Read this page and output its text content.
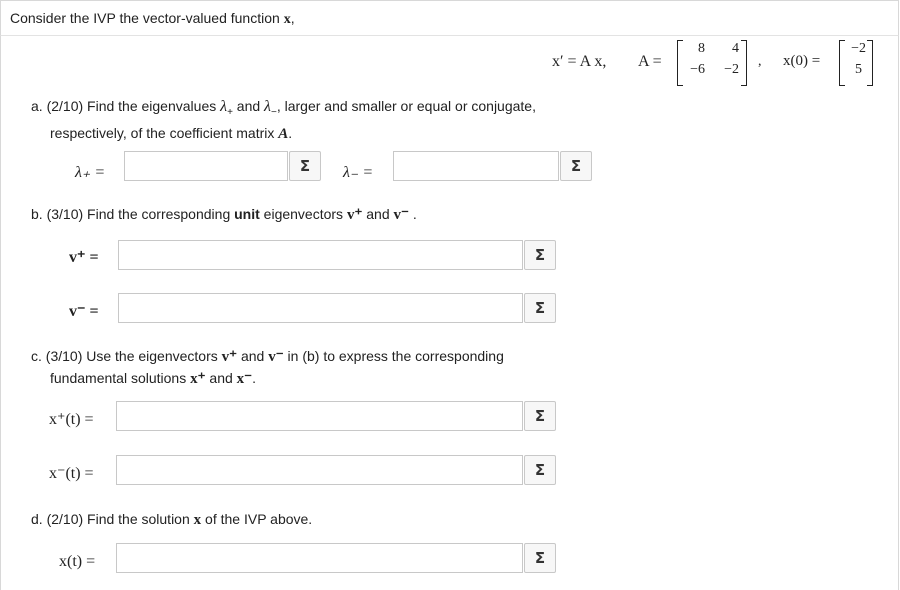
Consider the IVP the vector-valued function x,
x′ = A x, A =
8	4
−6	−2
, x(0) =
−2
5
a. (2/10) Find the eigenvalues $\lambda_+$ and $\lambda_-$, larger and smaller or equal or conjugate,
respectively, of the coefficient matrix A.
λ₊ =	Σ λ₋ =	Σ
b. (3/10) Find the corresponding unit eigenvectors v⁺ and v⁻ .
v⁺ =	Σ
v⁻ =	Σ
c. (3/10) Use the eigenvectors v⁺ and v⁻ in (b) to express the corresponding
fundamental solutions x⁺ and x⁻.
x⁺(t) =	Σ
x⁻(t) =	Σ
d. (2/10) Find the solution x of the IVP above.
x(t) =	Σ
